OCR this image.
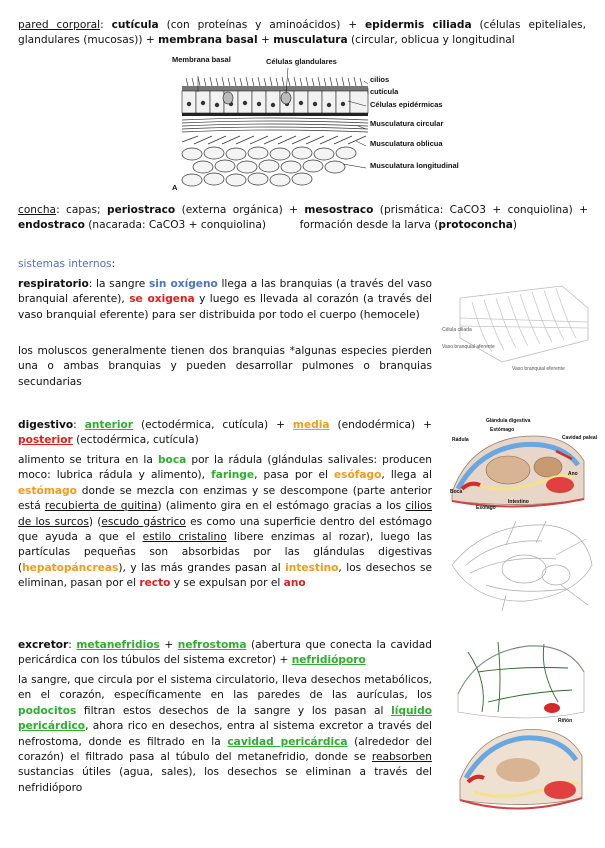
pared corporal: cutícula (con proteínas y aminoácidos) + epidermis ciliada (células epiteliales, glandulares (mucosas)) + membrana basal + musculatura (circular, oblicua y longitudinal
Membrana basal	Células glandulares
cilios
cutícula
Células epidérmicas
Musculatura circular
Musculatura oblicua
Musculatura longitudinal
A
concha: capas; periostraco (externa orgánica) + mesostraco (prismática: CaCO3 + conquiolina) + endostraco (nacarada: CaCO3 + conquiolina)          formación desde la larva (protoconcha)
sistemas internos:
respiratorio: la sangre sin oxígeno llega a las branquias (a través del vaso branquial aferente), se oxigena y luego es llevada al corazón (a través del vaso branquial eferente) para ser distribuida por todo el cuerpo (hemocele)
los moluscos generalmente tienen dos branquias *algunas especies pierden una o ambas branquias y pueden desarrollar pulmones o branquias secundarias
Célula ciliada
Vaso branquial aferente
Vaso branquial eferente
digestivo: anterior (ectodérmica, cutícula) + media (endodérmica) + posterior (ectodérmica, cutícula)
alimento se tritura en la boca por la rádula (glándulas salivales: producen moco: lubrica rádula y alimento), faringe, pasa por el esófago, llega al estómago donde se mezcla con enzimas y se descompone (parte anterior está recubierta de quitina) (alimento gira en el estómago gracias a los cilios de los surcos) (escudo gástrico es como una superficie dentro del estómago que ayuda a que el estilo cristalino libere enzimas al rozar), luego las partículas pequeñas son absorbidas por las glándulas digestivas (hepatopáncreas), y las más grandes pasan al intestino, los desechos se eliminan, pasan por el recto y se expulsan por el ano
Glándula digestiva
Estómago
Rádula	Cavidad paleal
Ano
Boca
Intestino
Esófago
excretor: metanefridios + nefrostoma (abertura que conecta la cavidad pericárdica con los túbulos del sistema excretor) + nefridióporo
la sangre, que circula por el sistema circulatorio, lleva desechos metabólicos, en el corazón, específicamente en las paredes de las aurículas, los podocitos filtran estos desechos de la sangre y los pasan al líquido pericárdico, ahora rico en desechos, entra al sistema excretor a través del nefrostoma, donde es filtrado en la cavidad pericárdica (alrededor del corazón) el filtrado pasa al túbulo del metanefridio, donde se reabsorben sustancias útiles (agua, sales), los desechos se eliminan a través del nefridióporo
Riñón
